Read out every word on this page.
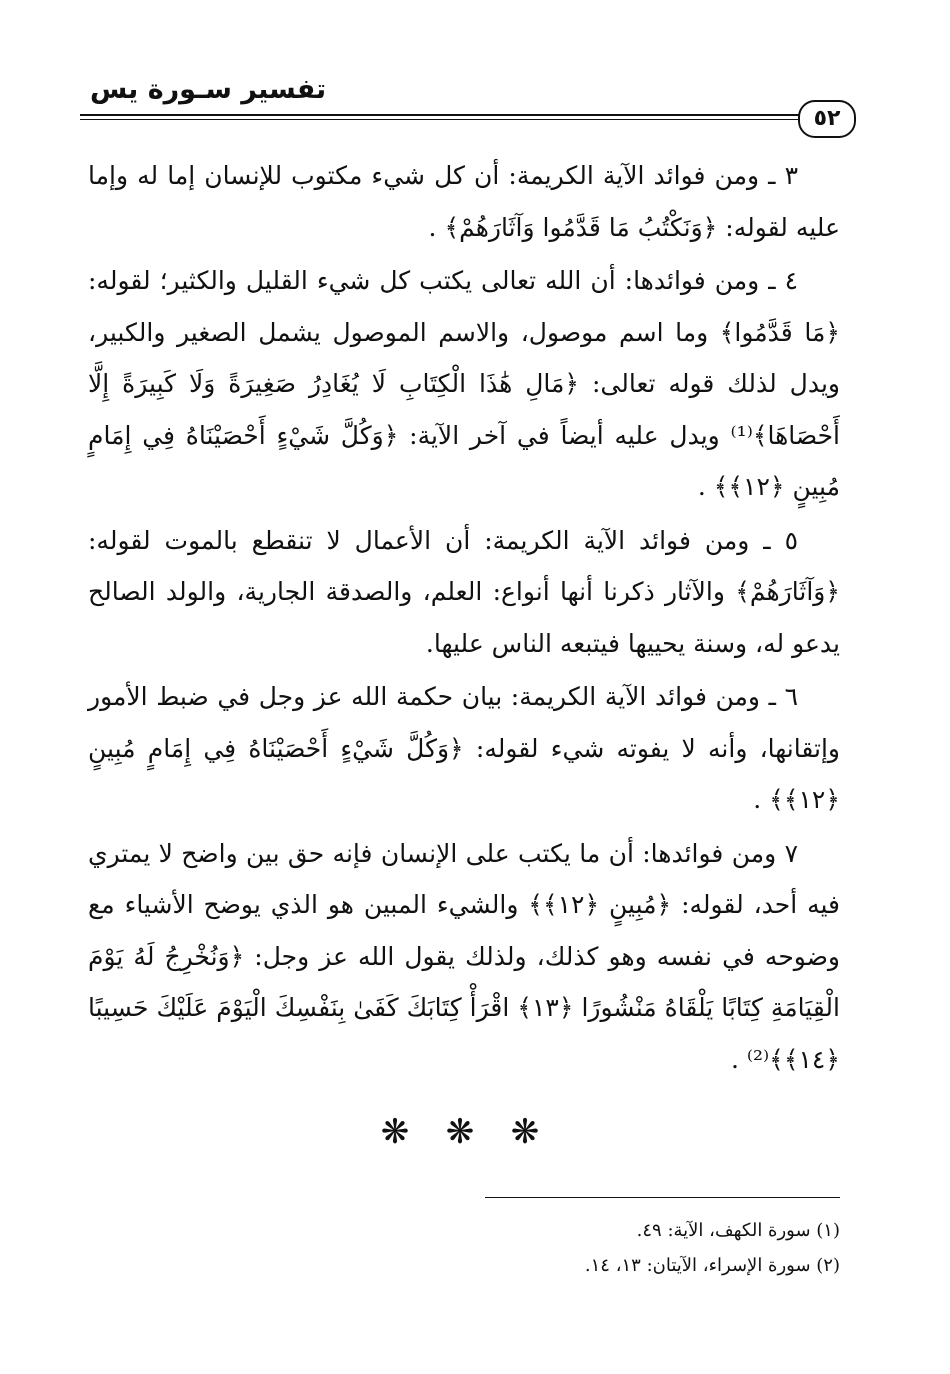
تفسير سـورة يس
٥٢

٣ ـ ومن فوائد الآية الكريمة: أن كل شيء مكتوب للإنسان إما له وإما عليه لقوله: ﴿وَنَكْتُبُ مَا قَدَّمُوا وَآثَارَهُمْ﴾ .

٤ ـ ومن فوائدها: أن الله تعالى يكتب كل شيء القليل والكثير؛ لقوله: ﴿مَا قَدَّمُوا﴾ وما اسم موصول، والاسم الموصول يشمل الصغير والكبير، ويدل لذلك قوله تعالى: ﴿مَالِ هَٰذَا الْكِتَابِ لَا يُغَادِرُ صَغِيرَةً وَلَا كَبِيرَةً إِلَّا أَحْصَاهَا﴾⁽¹⁾ ويدل عليه أيضاً في آخر الآية: ﴿وَكُلَّ شَيْءٍ أَحْصَيْنَاهُ فِي إِمَامٍ مُبِينٍ ﴿١٢﴾﴾ .

٥ ـ ومن فوائد الآية الكريمة: أن الأعمال لا تنقطع بالموت لقوله: ﴿وَآثَارَهُمْ﴾ والآثار ذكرنا أنها أنواع: العلم، والصدقة الجارية، والولد الصالح يدعو له، وسنة يحييها فيتبعه الناس عليها.

٦ ـ ومن فوائد الآية الكريمة: بيان حكمة الله عز وجل في ضبط الأمور وإتقانها، وأنه لا يفوته شيء لقوله: ﴿وَكُلَّ شَيْءٍ أَحْصَيْنَاهُ فِي إِمَامٍ مُبِينٍ ﴿١٢﴾﴾ .

٧ ومن فوائدها: أن ما يكتب على الإنسان فإنه حق بين واضح لا يمتري فيه أحد، لقوله: ﴿مُبِينٍ ﴿١٢﴾﴾ والشيء المبين هو الذي يوضح الأشياء مع وضوحه في نفسه وهو كذلك، ولذلك يقول الله عز وجل: ﴿وَنُخْرِجُ لَهُ يَوْمَ الْقِيَامَةِ كِتَابًا يَلْقَاهُ مَنْشُورًا ﴿١٣﴾ اقْرَأْ كِتَابَكَ كَفَىٰ بِنَفْسِكَ الْيَوْمَ عَلَيْكَ حَسِيبًا ﴿١٤﴾﴾⁽²⁾ .

❋
❋
❋

(١) سورة الكهف، الآية: ٤٩.

(٢) سورة الإسراء، الآيتان: ١٣، ١٤.
